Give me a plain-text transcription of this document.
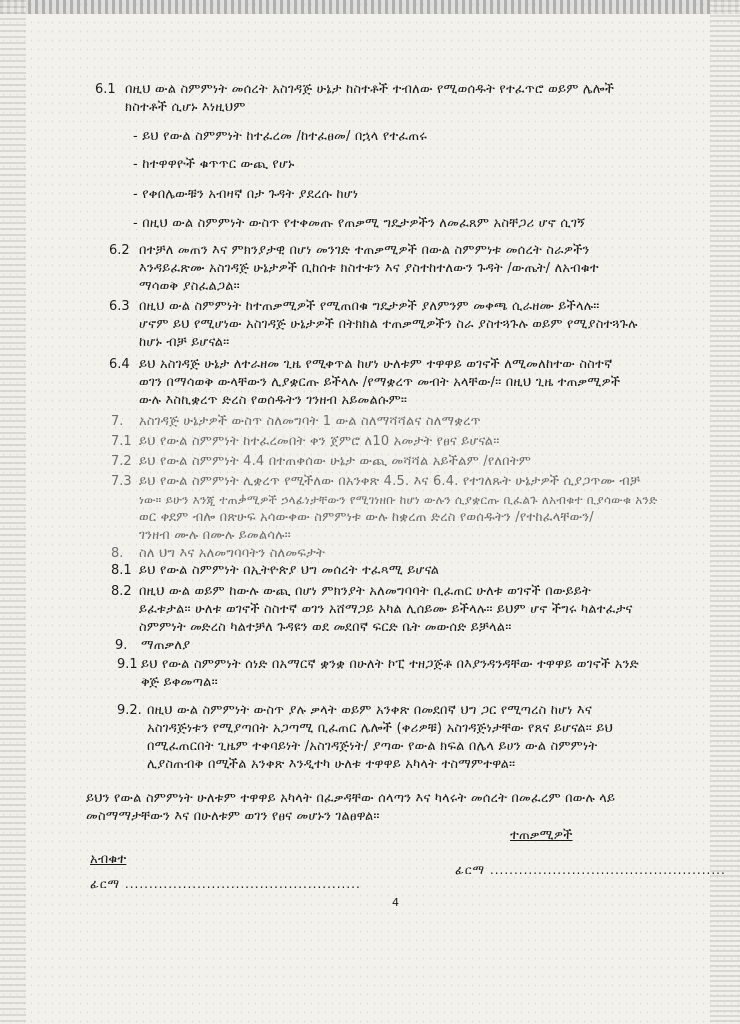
6.1 በዚህ ውል ስምምነት መሰረት አስገዳጅ ሁኔታ ከስተቶች ተብለው የሚወሰዱት የተፈጥሮ ወይም ሌሎች
ክስተቶች ሲሆኑ እነዚህም
- ይህ የውል ስምምነት ከተፈረመ /ከተፈፀመ/ በኋላ የተፈጠሩ
- ከተዋዋዮች ቁጥጥር ውጪ የሆኑ
- የቀበሌውቹን አብዛኛ በታ ጉዳት ያደረሱ ከሆነ
- በዚህ ውል ስምምነት ውስጥ የተቀመጡ የጠቃሚ ግዴታዎችን ለመፈጸም አስቸጋሪ ሆኖ ሲገኝ
6.2 በተቻለ መጠን እና ምክንያታዊ በሆነ መንገድ ተጠቃሚዎች በውል ስምምነቱ መሰረት ስራዎችን
እንዳይፈጽሙ አስገዳጅ ሁኔታዎች ቢከሰቱ ክስተቱን እና ያስተከተለውን ጉዳት /ውጤት/ ለአብቁተ
ማሳወቅ ያስፈልጋል።
6.3 በዚህ ውል ስምምነት ከተጠቃሚዎች የሚጠበቁ ግዴታዎች ያለምንም መቀጫ ሲራዘሙ ይችላሉ።
ሆኖም ይህ የሚሆነው አስገዳጅ ሁኔታዎች በትክክል ተጠቃሚዎችን ስራ ያስተጓጉሉ ወይም የሚያስተጓጉሉ
ከሆኑ ብቻ ይሆናል።
6.4 ይህ አስገዳጅ ሁኔታ ለተራዘመ ጊዜ የሚቀጥል ከሆነ ሁለቱም ተዋዋይ ወገኖች ለሚመለከተው ስስተኛ
ወገን በማሳወቅ ውላቸውን ሊያቋርጡ ይችላሉ /የማቋረጥ መብት አላቸው/። በዚህ ጊዜ ተጠቃሚዎች
ውሉ እስኪቋረጥ ድረስ የወሰዱትን ገንዘብ አይመልሱም።
7. አስገዳጅ ሁኔታዎች ውስጥ ስለመግባት 1 ውል ስለማሻሻልና ስለማቋረጥ
7.1 ይህ የውል ስምምነት ከተፈረመበት ቀን ጀምሮ ለ10 አመታት የፀና ይሆናል።
7.2 ይህ የውል ስምምነት 4.4 በተጠቀሰው ሁኔታ ውጪ መሻሻል አይችልም /የለበትም
7.3 ይህ የውል ስምምነት ሊቋረጥ የሚችለው በአንቀጽ 4.5. እና 6.4. የተገለጹት ሁኔታዎች ሲያጋጥሙ ብቻ
ነው። ይሁን እንጂ ተጠቃሚዎች ኃላፊነታቸውን የሚገነዘቡ ከሆነ ውሉን ሲያቋርጡ ቢፈልጉ ለአብቁተ ቢያሳውቁ አንድ
ወር ቀደም ብሎ በጽሁፍ አሳውቀው ስምምነቱ ውሉ ከቋረጠ ድረስ የወሰዱትን /የተከፈላቸውን/
ገንዘብ ሙሉ በሙሉ ይመልሳሉ።
8. ስለ ህግ እና አለመግባባትን ስለመፍታት
8.1 ይህ የውል ስምምነት በኢትዮጵያ ህግ መሰረት ተፈጻሚ ይሆናል
8.2 በዚህ ውል ወይም ከውሉ ውጪ በሆነ ምክንያት አለመግባባት ቢፈጠር ሁለቱ ወገኖች በውይይት
ይፈቱታል። ሁለቱ ወገኖች ስስተኛ ወገን አሸማጋይ አካል ሊሰይሙ ይችላሉ። ይህም ሆኖ ችግሩ ካልተፈታና
ስምምነት መድረስ ካልተቻለ ጉዳዩን ወደ መደበኛ ፍርድ ቤት መውሰድ ይቻላል።
9. ማጠቃለያ
9.1 ይህ የውል ስምምነት ሰነድ በአማርኛ ቋንቋ በሁለት ኮፒ ተዘጋጅቶ በእያንዳንዳቸው ተዋዋይ ወገኖች አንድ
ቅጅ ይቀመጣል።
9.2. በዚህ ውል ስምምነት ውስጥ ያሉ ቃላት ወይም አንቀጽ በመደበኛ ህግ ጋር የሚጣረስ ከሆነ እና
አስገዳጅነቱን የሚያጣበት አጋጣሚ ቢፈጠር ሌሎች (ቀሪዎቹ) አስገዳጅነታቸው የጸና ይሆናል። ይህ
በሚፈጠርበት ጊዜም ተቀባይነት /አስገዳጅነት/ ያጣው የውል ክፍል በሌላ ይሀን ውል ስምምነት
ሊያስጠብቅ በሚችል አንቀጽ እንዲተካ ሁለቱ ተዋዋይ አካላት ተስማምተዋል።
ይህን የውል ስምምነት ሁለቱም ተዋዋይ አካላት በፈቃዳቸው ሰላጣን እና ካላሩት መሰረት በመፈረም በውሉ ላይ
መስማማታቸውን እና በሁለቱም ወገን የፀና መሆኑን ገልፀዋል።
ተጠቃሚዎች
አብቁተ
ፊርማ .................................................
ፊርማ .................................................
4
